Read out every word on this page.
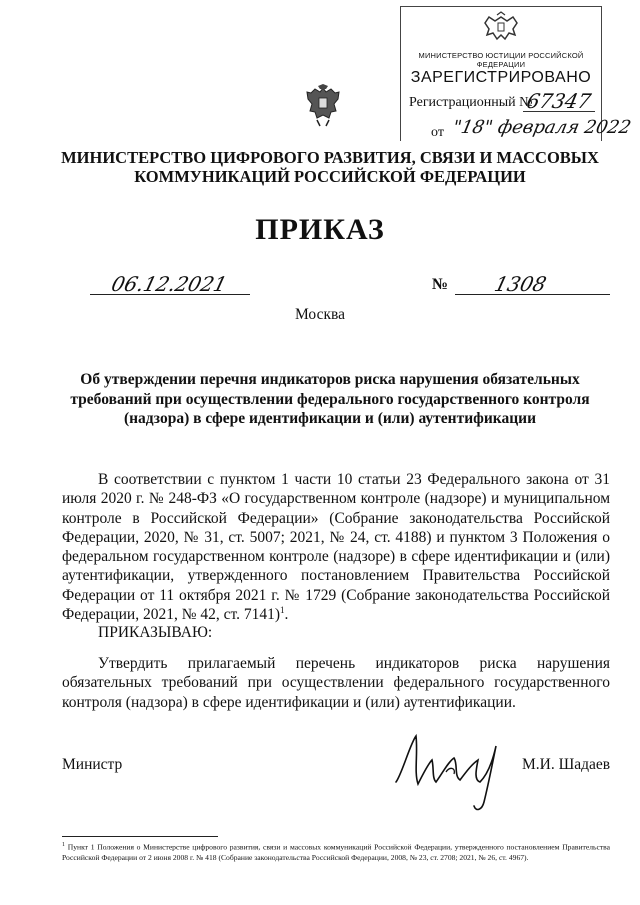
МИНИСТЕРСТВО ЮСТИЦИИ РОССИЙСКОЙ ФЕДЕРАЦИИ
ЗАРЕГИСТРИРОВАНО
Регистрационный №
67347
от "18" февраля 2022
МИНИСТЕРСТВО ЦИФРОВОГО РАЗВИТИЯ, СВЯЗИ И МАССОВЫХ
КОММУНИКАЦИЙ РОССИЙСКОЙ ФЕДЕРАЦИИ
ПРИКАЗ
06.12.2021	№ 1308
Москва
Об утверждении перечня индикаторов риска нарушения обязательных
требований при осуществлении федерального государственного контроля
(надзора) в сфере идентификации и (или) аутентификации
В соответствии с пунктом 1 части 10 статьи 23 Федерального закона от 31 июля 2020 г. № 248-ФЗ «О государственном контроле (надзоре) и муниципальном контроле в Российской Федерации» (Собрание законодательства Российской Федерации, 2020, № 31, ст. 5007; 2021, № 24, ст. 4188) и пунктом 3 Положения о федеральном государственном контроле (надзоре) в сфере идентификации и (или) аутентификации, утвержденного постановлением Правительства Российской Федерации от 11 октября 2021 г. № 1729 (Собрание законодательства Российской Федерации, 2021, № 42, ст. 7141)$^1$.
ПРИКАЗЫВАЮ:
Утвердить прилагаемый перечень индикаторов риска нарушения обязательных требований при осуществлении федерального государственного контроля (надзора) в сфере идентификации и (или) аутентификации.
Министр	М.И. Шадаев
$^1$ Пункт 1 Положения о Министерстве цифрового развития, связи и массовых коммуникаций Российской Федерации, утвержденного постановлением Правительства Российской Федерации от 2 июня 2008 г. № 418 (Собрание законодательства Российской Федерации, 2008, № 23, ст. 2708; 2021, № 26, ст. 4967).
